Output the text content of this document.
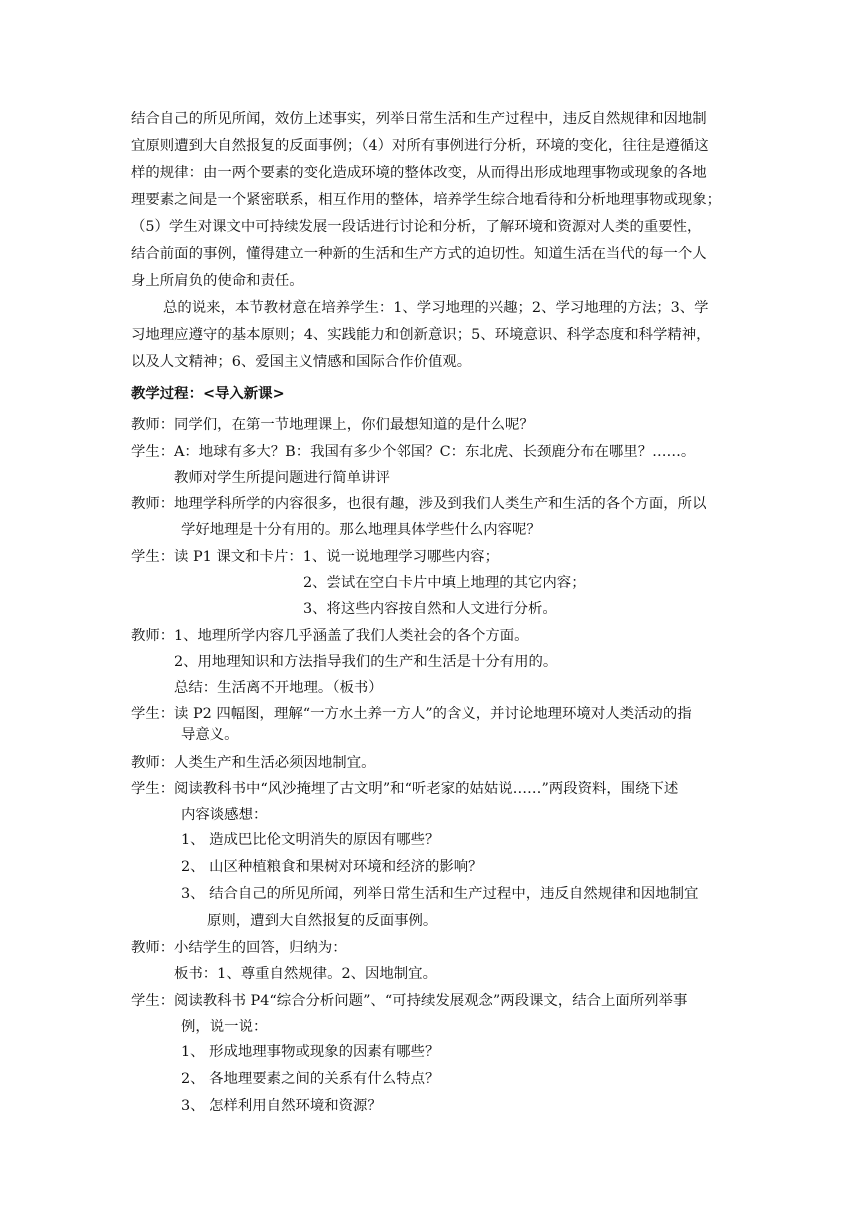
结合自己的所见所闻，效仿上述事实，列举日常生活和生产过程中，违反自然规律和因地制
宜原则遭到大自然报复的反面事例；（4）对所有事例进行分析，环境的变化，往往是遵循这
样的规律：由一两个要素的变化造成环境的整体改变，从而得出形成地理事物或现象的各地
理要素之间是一个紧密联系，相互作用的整体，培养学生综合地看待和分析地理事物或现象；
（5）学生对课文中可持续发展一段话进行讨论和分析，了解环境和资源对人类的重要性，
结合前面的事例，懂得建立一种新的生活和生产方式的迫切性。知道生活在当代的每一个人
身上所肩负的使命和责任。
总的说来，本节教材意在培养学生：1、学习地理的兴趣；2、学习地理的方法；3、学
习地理应遵守的基本原则；4、实践能力和创新意识；5、环境意识、科学态度和科学精神，
以及人文精神；6、爱国主义情感和国际合作价值观。
教学过程：<导入新课>
教师： 同学们，在第一节地理课上，你们最想知道的是什么呢？
学生： A：地球有多大？B：我国有多少个邻国？C：东北虎、长颈鹿分布在哪里？……。
教师对学生所提问题进行简单讲评
教师： 地理学科所学的内容很多，也很有趣，涉及到我们人类生产和生活的各个方面，所以
学好地理是十分有用的。那么地理具体学些什么内容呢？
学生： 读 P1 课文和卡片：1、说一说地理学习哪些内容；
2、尝试在空白卡片中填上地理的其它内容；
3、将这些内容按自然和人文进行分析。
教师： 1、地理所学内容几乎涵盖了我们人类社会的各个方面。
2、用地理知识和方法指导我们的生产和生活是十分有用的。
总结：生活离不开地理。（板书）
学生： 读 P2 四幅图，理解“一方水土养一方人”的含义，并讨论地理环境对人类活动的指
导意义。
教师： 人类生产和生活必须因地制宜。
学生： 阅读教科书中“风沙掩埋了古文明”和“听老家的姑姑说……”两段资料，围绕下述
内容谈感想：
1、 造成巴比伦文明消失的原因有哪些？
2、 山区种植粮食和果树对环境和经济的影响？
3、 结合自己的所见所闻，列举日常生活和生产过程中，违反自然规律和因地制宜
原则，遭到大自然报复的反面事例。
教师： 小结学生的回答，归纳为：
板书：1、尊重自然规律。2、因地制宜。
学生： 阅读教科书 P4“综合分析问题”、“可持续发展观念”两段课文，结合上面所列举事
例，说一说：
1、 形成地理事物或现象的因素有哪些？
2、 各地理要素之间的关系有什么特点？
3、 怎样利用自然环境和资源？
